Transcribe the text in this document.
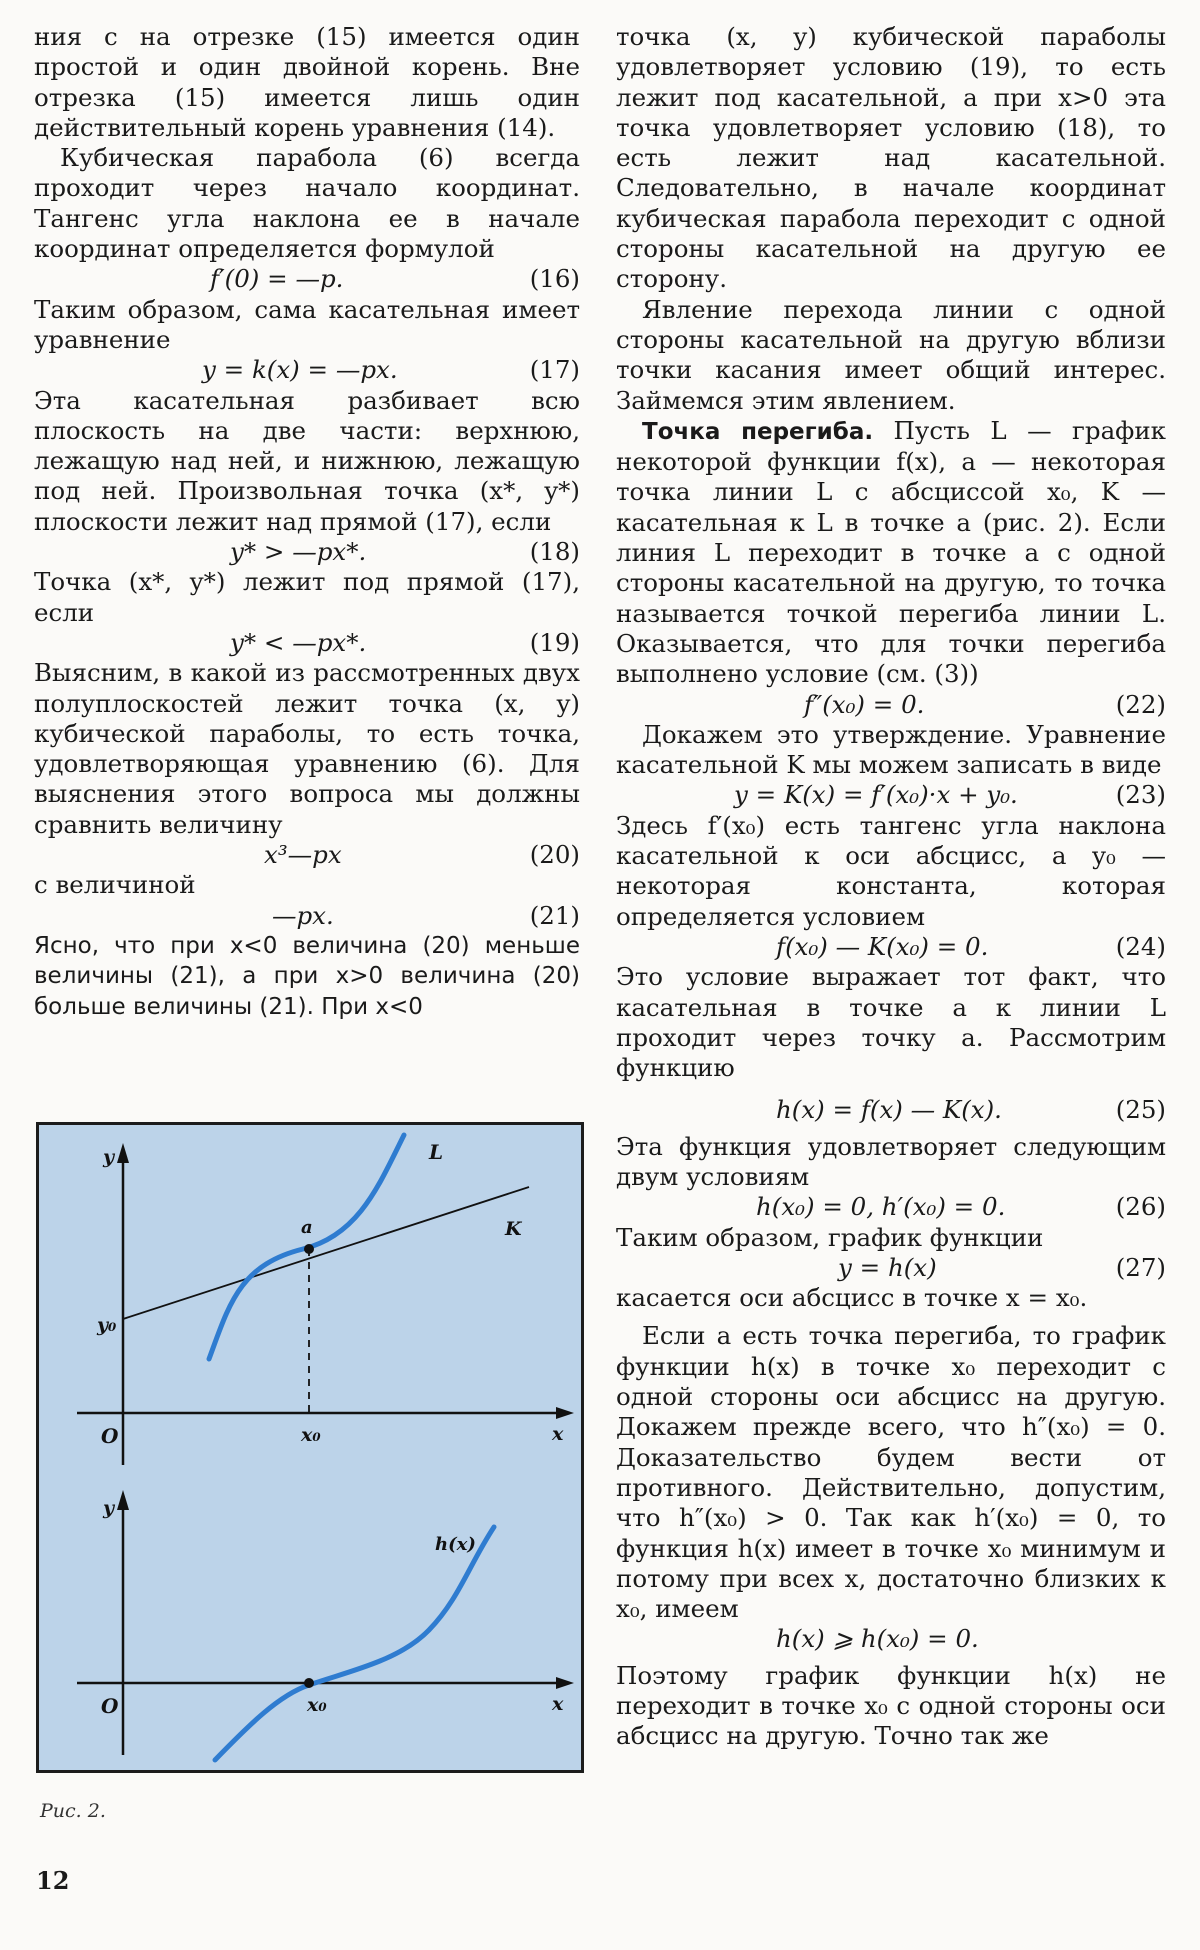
ния c на отрезке (15) имеется один простой и один двойной корень. Вне отрезка (15) имеется лишь один действительный корень уравнения (14).

Кубическая парабола (6) всегда проходит через начало координат. Тангенс угла наклона ее в начале координат определяется формулой

f′(0) = —p.	(16)

Таким образом, сама касательная имеет уравнение

y = k(x) = —px.	(17)

Эта касательная разбивает всю плоскость на две части: верхнюю, лежащую над ней, и нижнюю, лежащую под ней. Произвольная точка (x*, y*) плоскости лежит над прямой (17), если

y* > —px*.	(18)

Точка (x*, y*) лежит под прямой (17), если

y* < —px*.	(19)

Выясним, в какой из рассмотренных двух полуплоскостей лежит точка (x, y) кубической параболы, то есть точка, удовлетворяющая уравнению (6). Для выяснения этого вопроса мы должны сравнить величину

x³—px	(20)

с величиной

—px.	(21)

Ясно, что при x<0 величина (20) меньше величины (21), а при x>0 величина (20) больше величины (21). При x<0

точка (x, y) кубической параболы удовлетворяет условию (19), то есть лежит под касательной, а при x>0 эта точка удовлетворяет условию (18), то есть лежит над касательной. Следовательно, в начале координат кубическая парабола переходит с одной стороны касательной на другую ее сторону.

Явление перехода линии с одной стороны касательной на другую вблизи точки касания имеет общий интерес. Займемся этим явлением.

Точка перегиба. Пусть L — график некоторой функции f(x), a — некоторая точка линии L с абсциссой x₀, K — касательная к L в точке a (рис. 2). Если линия L переходит в точке a с одной стороны касательной на другую, то точка называется точкой перегиба линии L. Оказывается, что для точки перегиба выполнено условие (см. (3))

f″(x₀) = 0.	(22)

Докажем это утверждение. Уравнение касательной K мы можем записать в виде

y = K(x) = f′(x₀)·x + y₀.	(23)

Здесь f′(x₀) есть тангенс угла наклона касательной к оси абсцисс, а y₀ — некоторая константа, которая определяется условием

f(x₀) — K(x₀) = 0.	(24)

Это условие выражает тот факт, что касательная в точке a к линии L проходит через точку a. Рассмотрим функцию

h(x) = f(x) — K(x).	(25)

Эта функция удовлетворяет следующим двум условиям

h(x₀) = 0, h′(x₀) = 0.	(26)

Таким образом, график функции

y = h(x)	(27)

касается оси абсцисс в точке x = x₀.

Если a есть точка перегиба, то график функции h(x) в точке x₀ переходит с одной стороны оси абсцисс на другую. Докажем прежде всего, что h″(x₀) = 0. Доказательство будем вести от противного. Действительно, допустим, что h″(x₀) > 0. Так как h′(x₀) = 0, то функция h(x) имеет в точке x₀ минимум и потому при всех x, достаточно близких к x₀, имеем

h(x) ⩾ h(x₀) = 0.

Поэтому график функции h(x) не переходит в точке x₀ с одной стороны оси абсцисс на другую. Точно так же

y
x
O
y₀
x₀
a
L
K
y
x
O	x₀
h(x)
Рис. 2.
12
